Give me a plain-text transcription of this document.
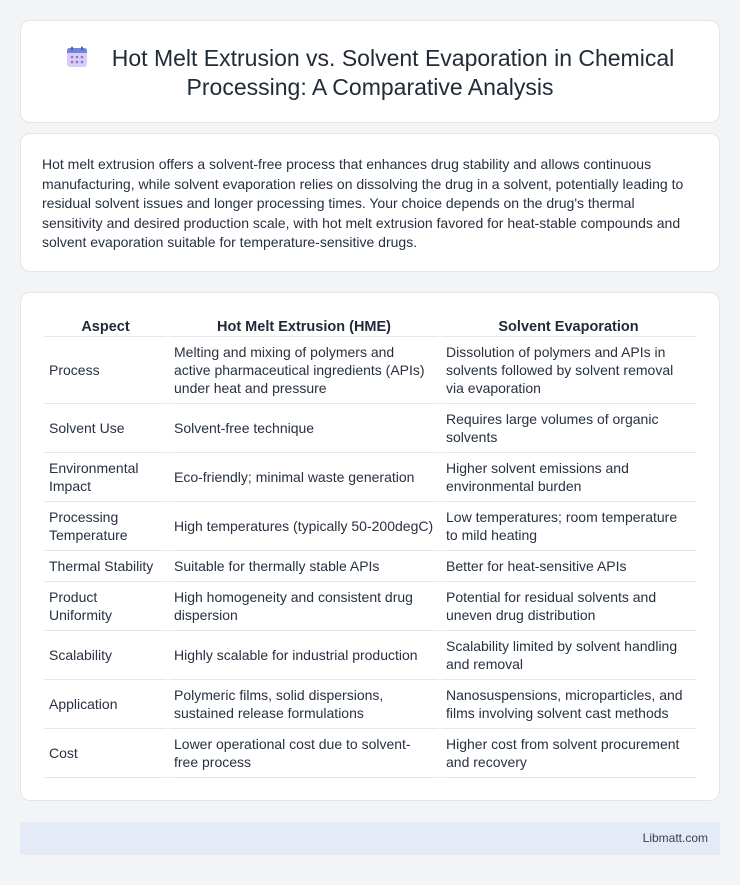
Hot Melt Extrusion vs. Solvent Evaporation in Chemical Processing: A Comparative Analysis

Hot melt extrusion offers a solvent-free process that enhances drug stability and allows continuous manufacturing, while solvent evaporation relies on dissolving the drug in a solvent, potentially leading to residual solvent issues and longer processing times. Your choice depends on the drug's thermal sensitivity and desired production scale, with hot melt extrusion favored for heat-stable compounds and solvent evaporation suitable for temperature-sensitive drugs.

Aspect	Hot Melt Extrusion (HME)	Solvent Evaporation
Process	Melting and mixing of polymers and active pharmaceutical ingredients (APIs) under heat and pressure	Dissolution of polymers and APIs in solvents followed by solvent removal via evaporation
Solvent Use	Solvent-free technique	Requires large volumes of organic solvents
Environmental Impact	Eco-friendly; minimal waste generation	Higher solvent emissions and environmental burden
Processing Temperature	High temperatures (typically 50-200degC)	Low temperatures; room temperature to mild heating
Thermal Stability	Suitable for thermally stable APIs	Better for heat-sensitive APIs
Product Uniformity	High homogeneity and consistent drug dispersion	Potential for residual solvents and uneven drug distribution
Scalability	Highly scalable for industrial production	Scalability limited by solvent handling and removal
Application	Polymeric films, solid dispersions, sustained release formulations	Nanosuspensions, microparticles, and films involving solvent cast methods
Cost	Lower operational cost due to solvent-free process	Higher cost from solvent procurement and recovery
Libmatt.com
